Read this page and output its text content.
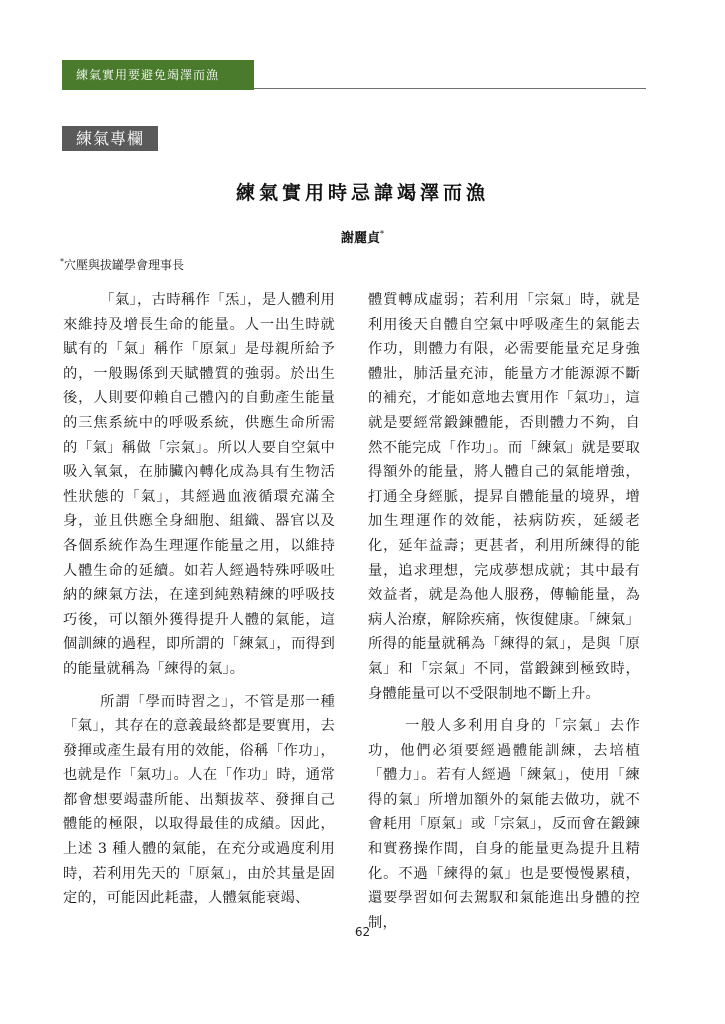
練氣實用要避免竭澤而漁
練氣專欄
練氣實用時忌諱竭澤而漁
謝麗貞*
*穴壓與拔罐學會理事長

「氣」，古時稱作「炁」，是人體利用來維持及增長生命的能量。人一出生時就賦有的「氣」稱作「原氣」是母親所給予的，一般賜係到天賦體質的強弱。於出生後，人則要仰賴自己體內的自動產生能量的三焦系統中的呼吸系統，供應生命所需的「氣」稱做「宗氣」。所以人要自空氣中吸入氧氣，在肺臟內轉化成為具有生物活性狀態的「氣」，其經過血液循環充滿全身，並且供應全身細胞、組織、器官以及各個系統作為生理運作能量之用，以維持人體生命的延續。如若人經過特殊呼吸吐納的練氣方法，在達到純熟精練的呼吸技巧後，可以額外獲得提升人體的氣能，這個訓練的過程，即所謂的「練氣」，而得到的能量就稱為「練得的氣」。

所謂「學而時習之」，不管是那一種「氣」，其存在的意義最終都是要實用，去發揮或產生最有用的效能，俗稱「作功」，也就是作「氣功」。人在「作功」時，通常都會想要竭盡所能、出類拔萃、發揮自己體能的極限，以取得最佳的成績。因此，上述 3 種人體的氣能，在充分或過度利用時，若利用先天的「原氣」，由於其量是固定的，可能因此耗盡，人體氣能衰竭、

體質轉成虛弱；若利用「宗氣」時，就是利用後天自體自空氣中呼吸產生的氣能去作功，則體力有限，必需要能量充足身強體壯，肺活量充沛，能量方才能源源不斷的補充，才能如意地去實用作「氣功」，這就是要經常鍛鍊體能，否則體力不夠，自然不能完成「作功」。而「練氣」就是要取得額外的能量，將人體自己的氣能增強，打通全身經脈，提昇自體能量的境界，增加生理運作的效能，祛病防疾，延緩老化，延年益壽；更甚者，利用所練得的能量，追求理想，完成夢想成就；其中最有效益者，就是為他人服務，傳輸能量，為病人治療，解除疾痛，恢復健康。「練氣」所得的能量就稱為「練得的氣」，是與「原氣」和「宗氣」不同，當鍛鍊到極致時，身體能量可以不受限制地不斷上升。

一般人多利用自身的「宗氣」去作功，他們必須要經過體能訓練，去培植「體力」。若有人經過「練氣」，使用「練得的氣」所增加額外的氣能去做功，就不會耗用「原氣」或「宗氣」，反而會在鍛鍊和實務操作間，自身的能量更為提升且精化。不過「練得的氣」也是要慢慢累積，還要學習如何去駕馭和氣能進出身體的控制，

62
